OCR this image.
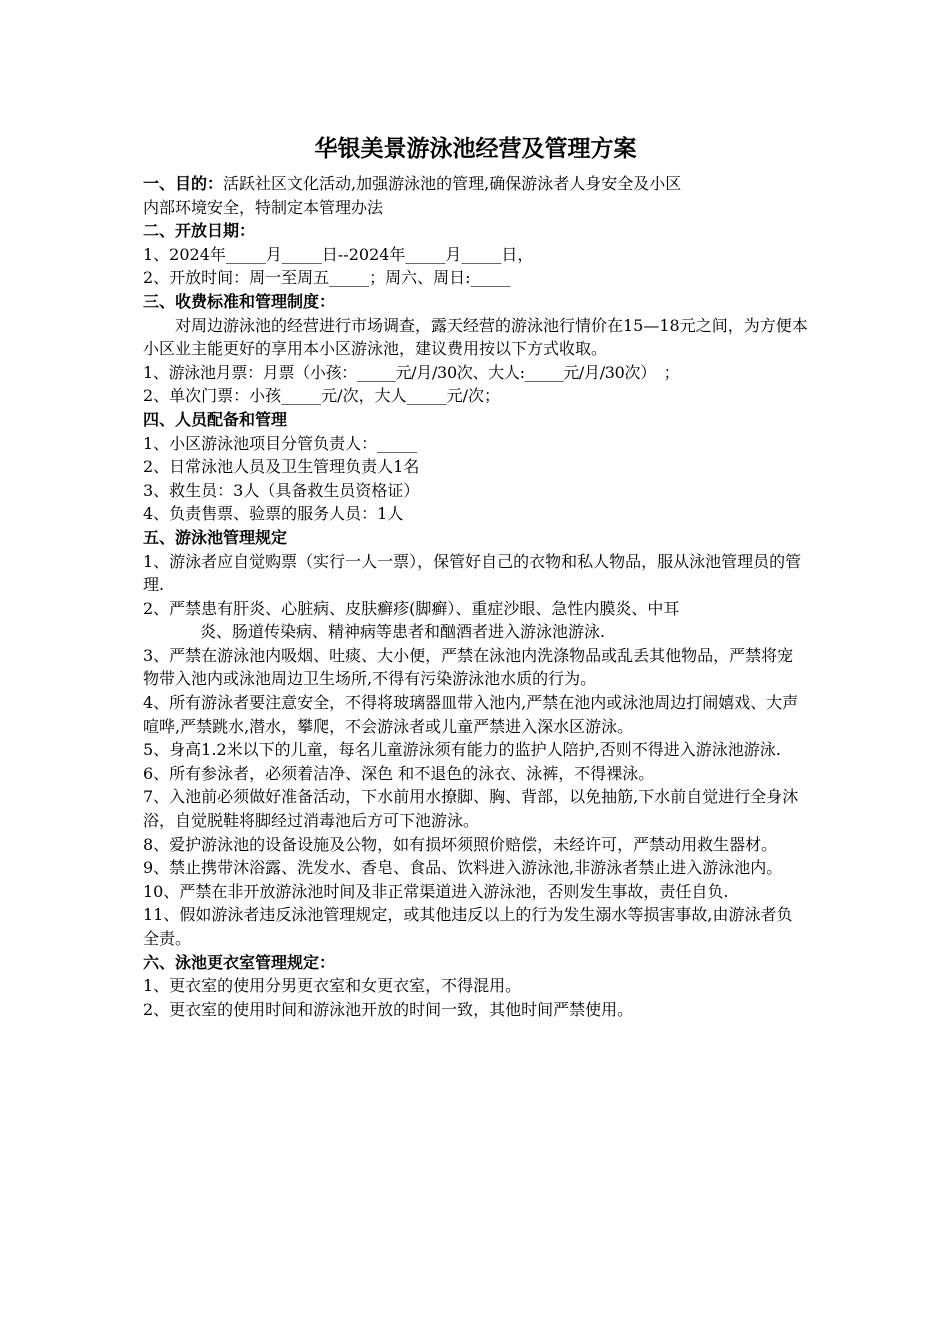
华银美景游泳池经营及管理方案

一、目的：活跃社区文化活动,加强游泳池的管理,确保游泳者人身安全及小区
内部环境安全，特制定本管理办法

二、开放日期：

1、2024年_____月_____日--2024年_____月_____日，

2、开放时间：周一至周五_____；周六、周日:_____

三、收费标准和管理制度：

对周边游泳池的经营进行市场调查，露天经营的游泳池行情价在15—18元之间，为方便本小区业主能更好的享用本小区游泳池，建议费用按以下方式收取。

1、游泳池月票：月票（小孩：_____元/月/30次、大人:_____元/月/30次）　；

2、单次门票：小孩_____元/次，大人_____元/次；

四、人员配备和管理

1、小区游泳池项目分管负责人：_____

2、日常泳池人员及卫生管理负责人1名

3、救生员：3人（具备救生员资格证）

4、负责售票、验票的服务人员：1人

五、游泳池管理规定

1、游泳者应自觉购票（实行一人一票），保管好自己的衣物和私人物品，服从泳池管理员的管理.

2、严禁患有肝炎、心脏病、皮肤癣疹(脚癣）、重症沙眼、急性内膜炎、中耳

炎、肠道传染病、精神病等患者和酗酒者进入游泳池游泳.

3、严禁在游泳池内吸烟、吐痰、大小便，严禁在泳池内洗涤物品或乱丢其他物品，严禁将宠物带入池内或泳池周边卫生场所,不得有污染游泳池水质的行为。

4、所有游泳者要注意安全，不得将玻璃器皿带入池内,严禁在池内或泳池周边打闹嬉戏、大声喧哗,严禁跳水,潜水，攀爬，不会游泳者或儿童严禁进入深水区游泳。

5、身高1.2米以下的儿童，每名儿童游泳须有能力的监护人陪护,否则不得进入游泳池游泳.

6、所有参泳者，必须着洁净、深色 和不退色的泳衣、泳裤，不得裸泳。

7、入池前必须做好准备活动，下水前用水撩脚、胸、背部，以免抽筋,下水前自觉进行全身沐浴，自觉脱鞋将脚经过消毒池后方可下池游泳。

8、爱护游泳池的设备设施及公物，如有损坏须照价赔偿，未经许可，严禁动用救生器材。

9、禁止携带沐浴露、洗发水、香皂、食品、饮料进入游泳池,非游泳者禁止进入游泳池内。

10、严禁在非开放游泳池时间及非正常渠道进入游泳池，否则发生事故，责任自负.

11、假如游泳者违反泳池管理规定，或其他违反以上的行为发生溺水等损害事故,由游泳者负全责。

六、泳池更衣室管理规定：

1、更衣室的使用分男更衣室和女更衣室，不得混用。

2、更衣室的使用时间和游泳池开放的时间一致，其他时间严禁使用。
